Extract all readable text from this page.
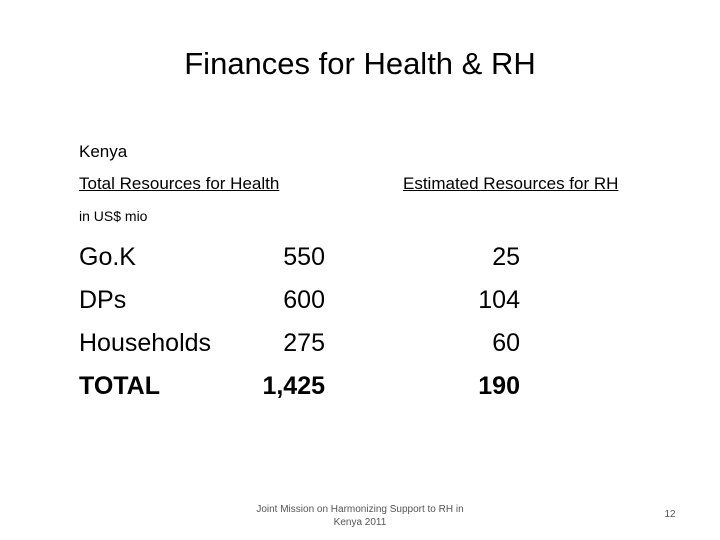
Finances for Health & RH
Kenya
Total Resources for Health	Estimated Resources for RH
in US$ mio
Go.K	550	25
DPs	600	104
Households	275	60
TOTAL	1,425	190
Joint Mission on Harmonizing Support to RH in Kenya 2011
12
